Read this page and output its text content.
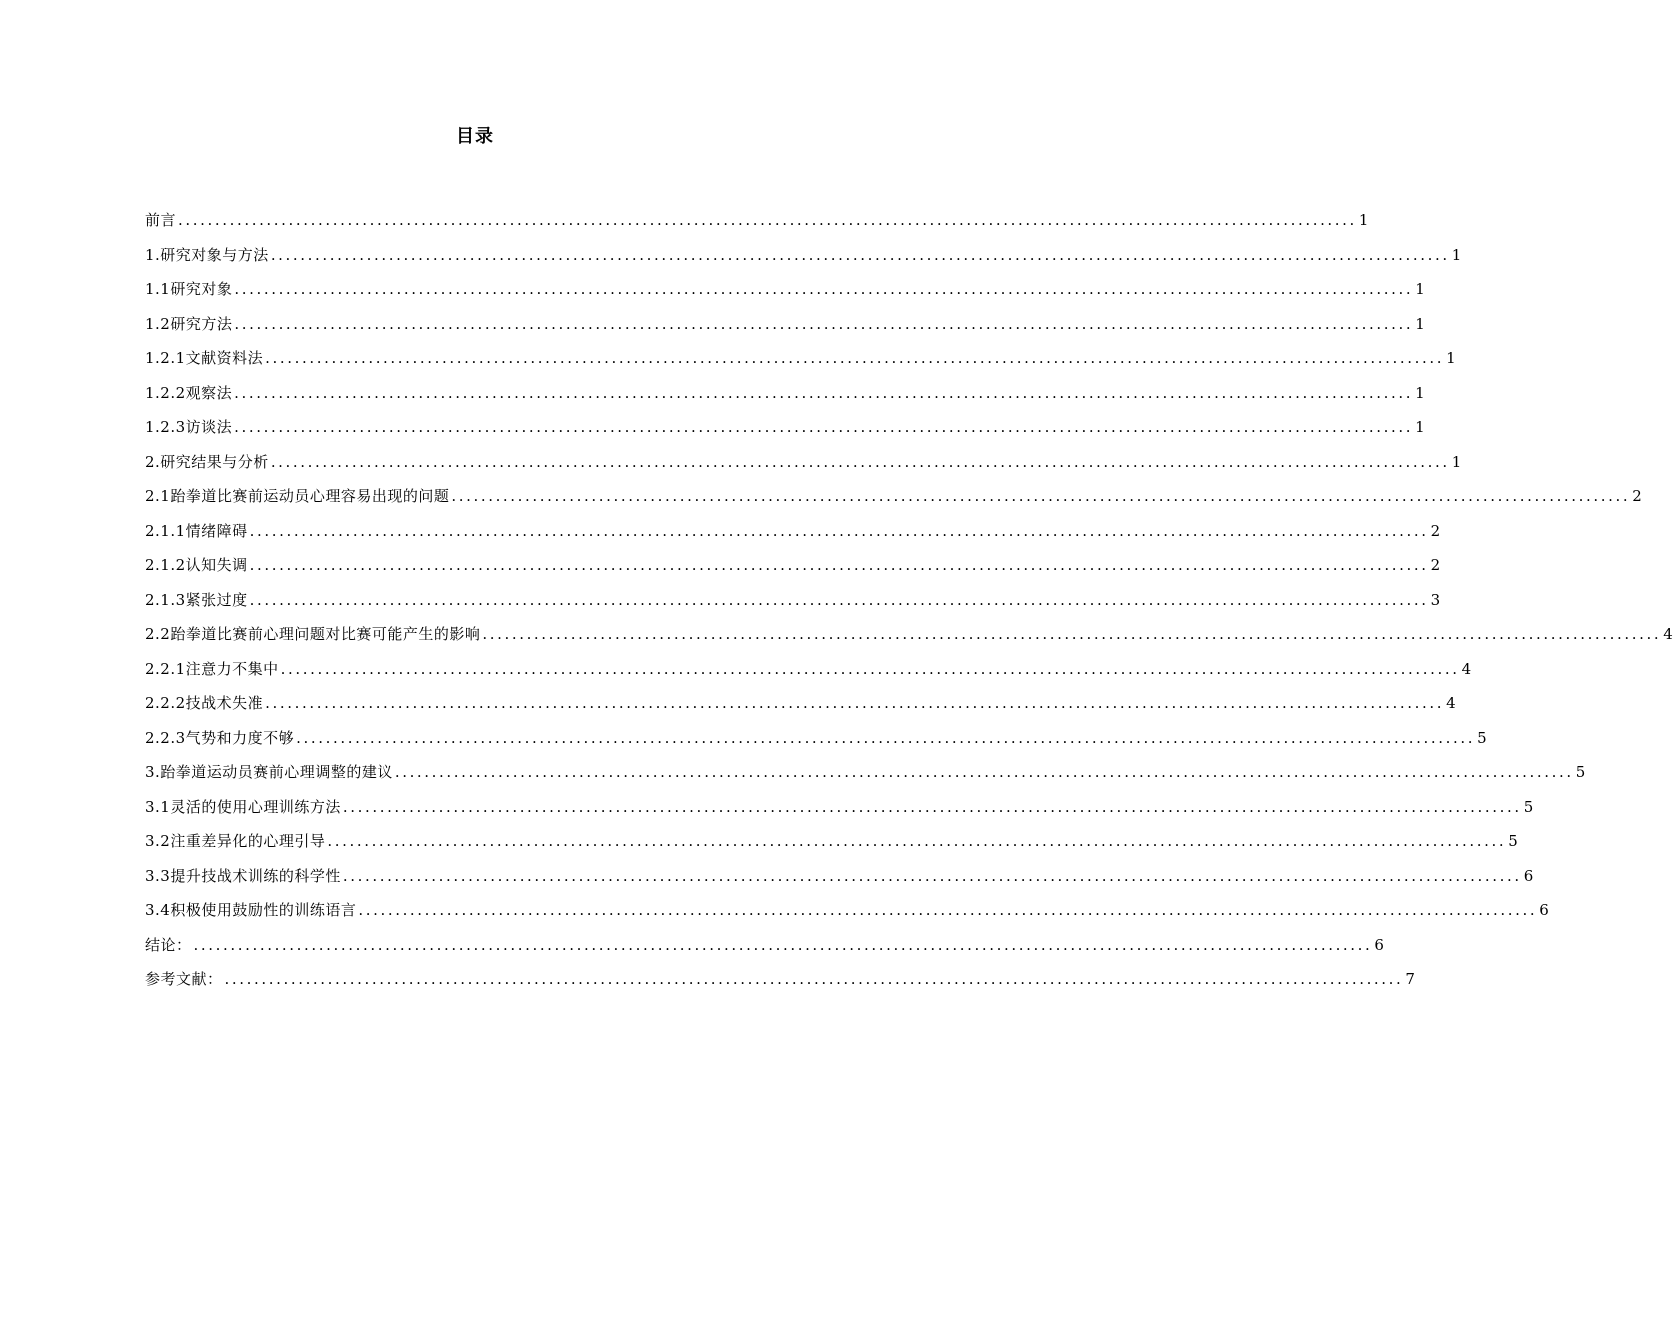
目录
前言 ................................................................................................................................................................ 1
1.研究对象与方法 ................................................................................................................................................................ 1
1.1研究对象 ................................................................................................................................................................ 1
1.2研究方法 ................................................................................................................................................................ 1
1.2.1文献资料法 ................................................................................................................................................................ 1
1.2.2观察法 ................................................................................................................................................................ 1
1.2.3访谈法 ................................................................................................................................................................ 1
2.研究结果与分析 ................................................................................................................................................................ 1
2.1跆拳道比赛前运动员心理容易出现的问题 ................................................................................................................................................................ 2
2.1.1情绪障碍 ................................................................................................................................................................ 2
2.1.2认知失调 ................................................................................................................................................................ 2
2.1.3紧张过度 ................................................................................................................................................................ 3
2.2跆拳道比赛前心理问题对比赛可能产生的影响 ................................................................................................................................................................ 4
2.2.1注意力不集中 ................................................................................................................................................................ 4
2.2.2技战术失准 ................................................................................................................................................................ 4
2.2.3气势和力度不够 ................................................................................................................................................................ 5
3.跆拳道运动员赛前心理调整的建议 ................................................................................................................................................................ 5
3.1灵活的使用心理训练方法 ................................................................................................................................................................ 5
3.2注重差异化的心理引导 ................................................................................................................................................................ 5
3.3提升技战术训练的科学性 ................................................................................................................................................................ 6
3.4积极使用鼓励性的训练语言 ................................................................................................................................................................ 6
结论： ................................................................................................................................................................ 6
参考文献： ................................................................................................................................................................ 7
